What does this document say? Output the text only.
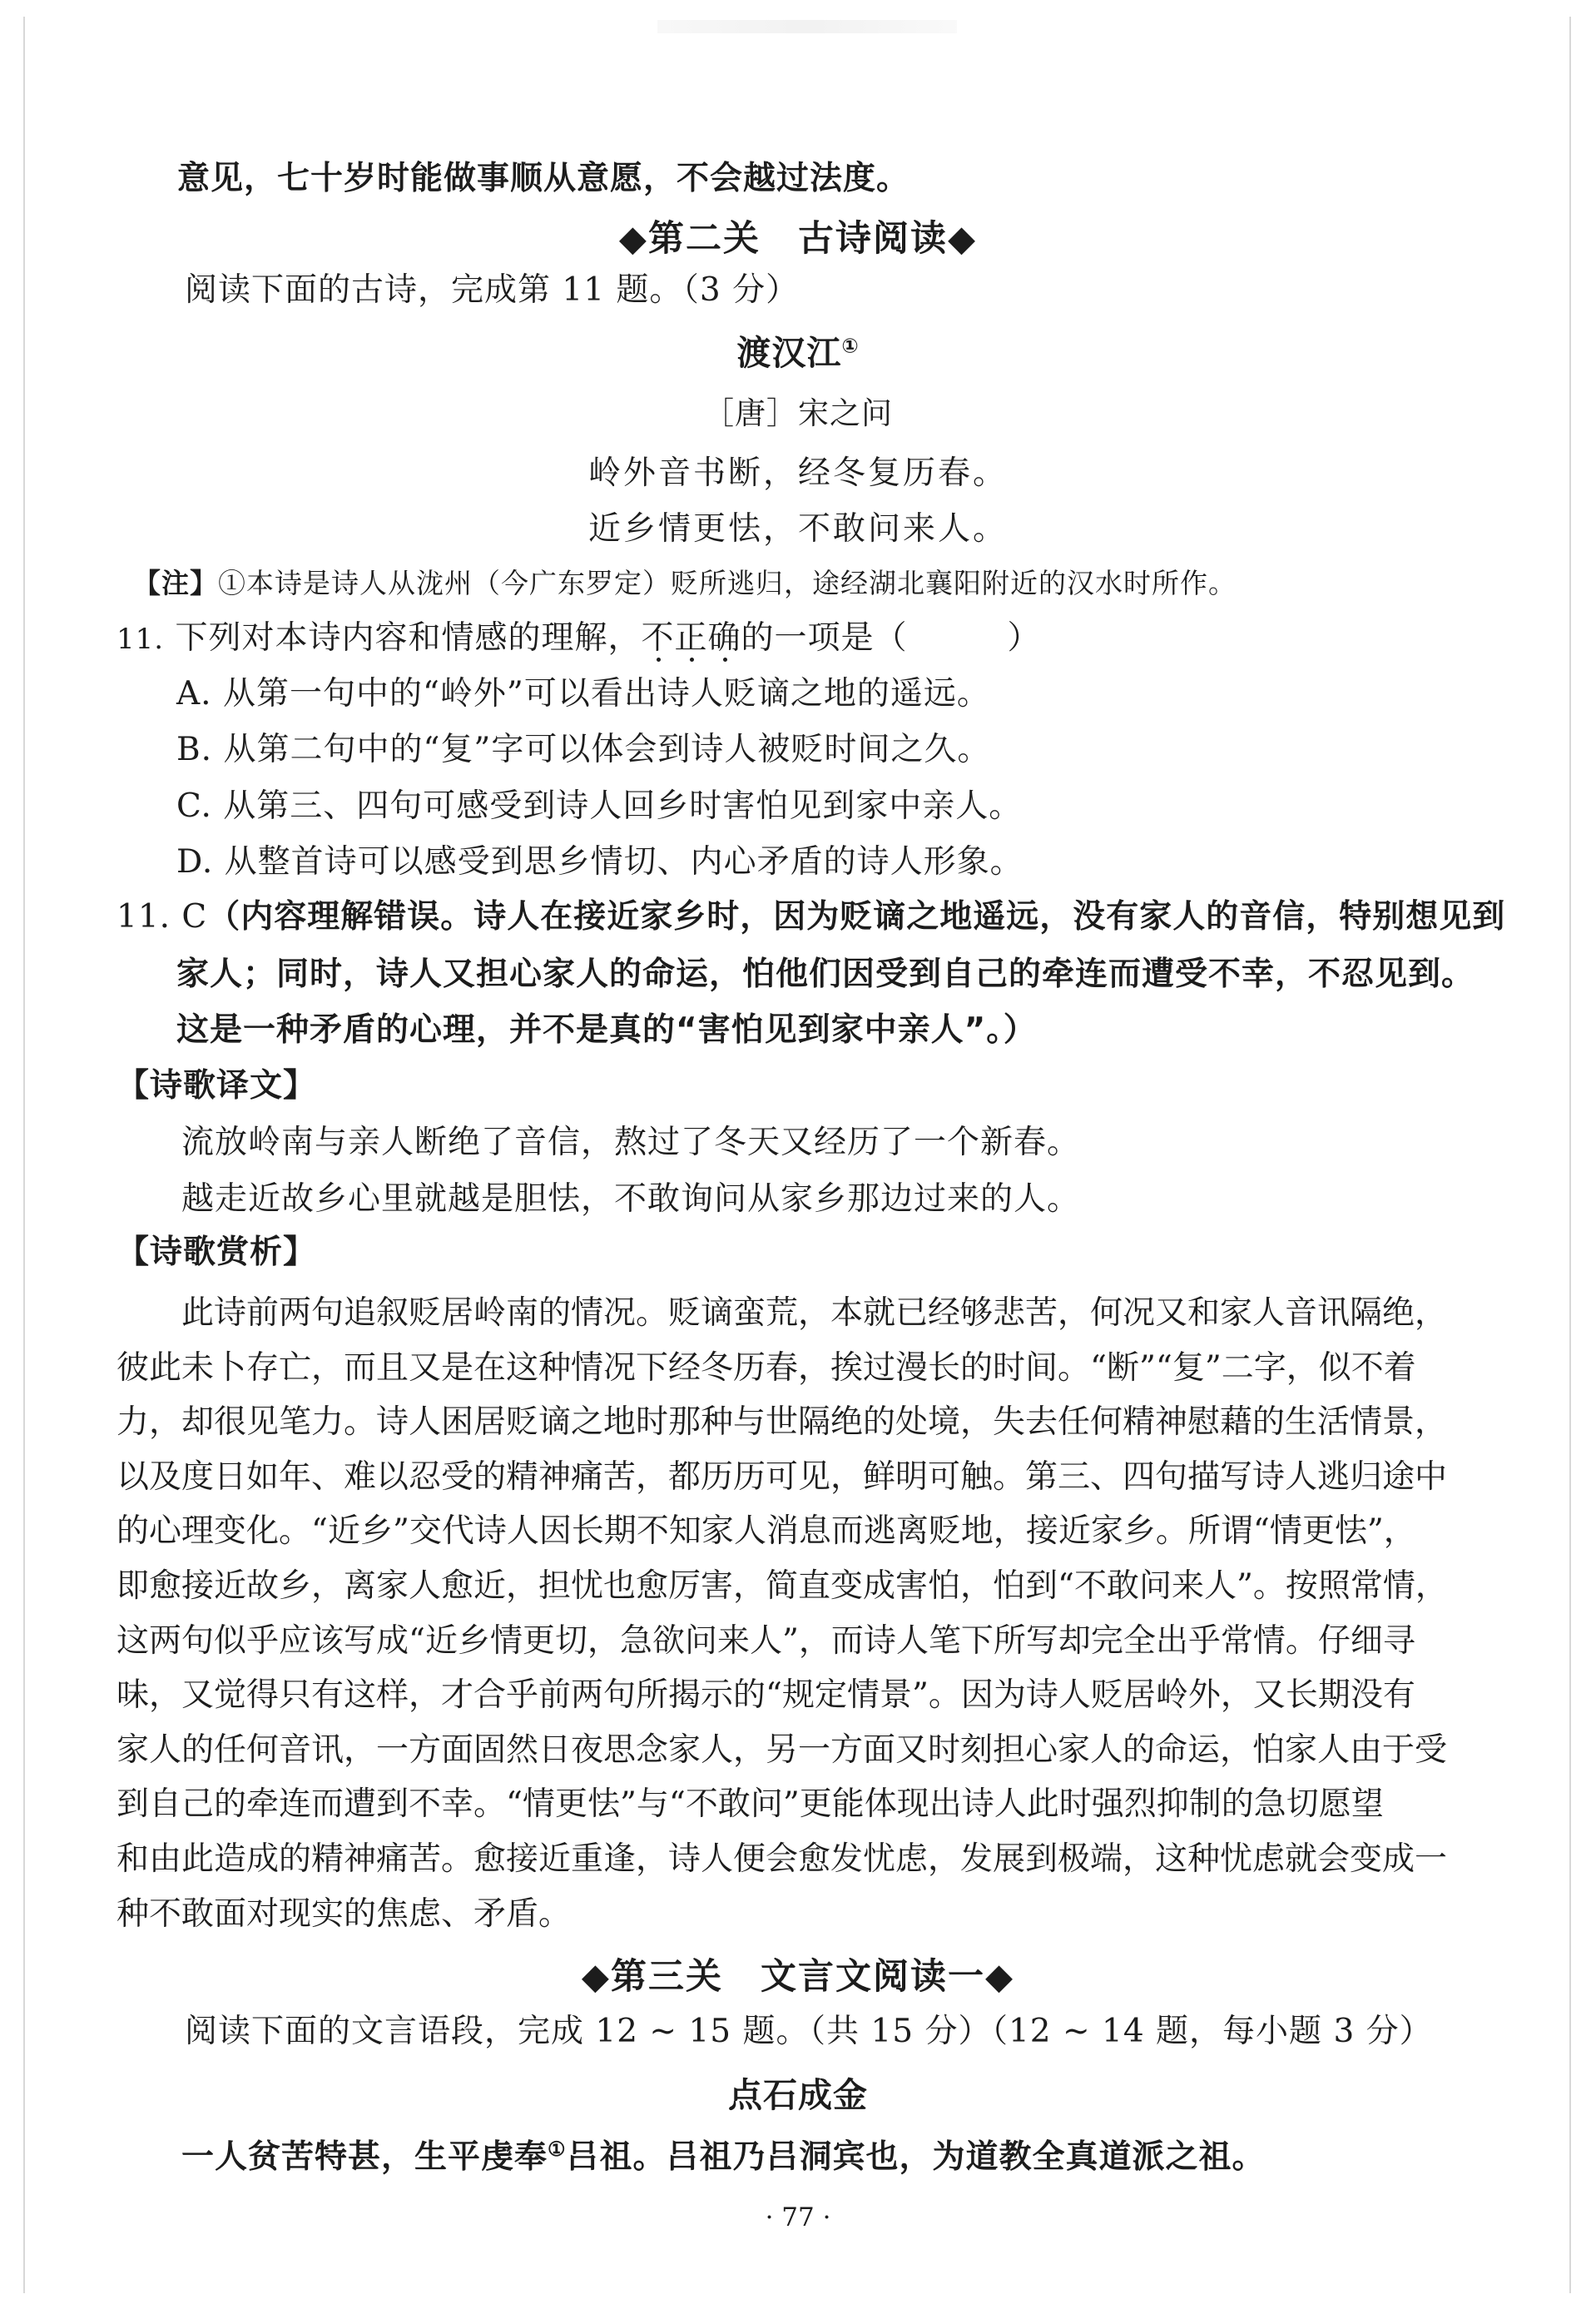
意见，七十岁时能做事顺从意愿，不会越过法度。
◆第二关　古诗阅读◆
阅读下面的古诗，完成第 11 题。（3 分）
渡汉江①
［唐］宋之问
岭外音书断，经冬复历春。
近乡情更怯，不敢问来人。
【注】①本诗是诗人从泷州（今广东罗定）贬所逃归，途经湖北襄阳附近的汉水时所作。
11. 下列对本诗内容和情感的理解，不正确的一项是（　　　）
A. 从第一句中的“岭外”可以看出诗人贬谪之地的遥远。
B. 从第二句中的“复”字可以体会到诗人被贬时间之久。
C. 从第三、四句可感受到诗人回乡时害怕见到家中亲人。
D. 从整首诗可以感受到思乡情切、内心矛盾的诗人形象。
11. C（内容理解错误。诗人在接近家乡时，因为贬谪之地遥远，没有家人的音信，特别想见到
家人；同时，诗人又担心家人的命运，怕他们因受到自己的牵连而遭受不幸，不忍见到。
这是一种矛盾的心理，并不是真的“害怕见到家中亲人”。）
【诗歌译文】
流放岭南与亲人断绝了音信，熬过了冬天又经历了一个新春。
越走近故乡心里就越是胆怯，不敢询问从家乡那边过来的人。
【诗歌赏析】

　　此诗前两句追叙贬居岭南的情况。贬谪蛮荒，本就已经够悲苦，何况又和家人音讯隔绝，

彼此未卜存亡，而且又是在这种情况下经冬历春，挨过漫长的时间。“断”“复”二字，似不着

力，却很见笔力。诗人困居贬谪之地时那种与世隔绝的处境，失去任何精神慰藉的生活情景，

以及度日如年、难以忍受的精神痛苦，都历历可见，鲜明可触。第三、四句描写诗人逃归途中

的心理变化。“近乡”交代诗人因长期不知家人消息而逃离贬地，接近家乡。所谓“情更怯”，

即愈接近故乡，离家人愈近，担忧也愈厉害，简直变成害怕，怕到“不敢问来人”。按照常情，

这两句似乎应该写成“近乡情更切，急欲问来人”，而诗人笔下所写却完全出乎常情。仔细寻

味，又觉得只有这样，才合乎前两句所揭示的“规定情景”。因为诗人贬居岭外，又长期没有

家人的任何音讯，一方面固然日夜思念家人，另一方面又时刻担心家人的命运，怕家人由于受

到自己的牵连而遭到不幸。“情更怯”与“不敢问”更能体现出诗人此时强烈抑制的急切愿望

和由此造成的精神痛苦。愈接近重逢，诗人便会愈发忧虑，发展到极端，这种忧虑就会变成一

种不敢面对现实的焦虑、矛盾。

◆第三关　文言文阅读一◆
阅读下面的文言语段，完成 12 ~ 15 题。（共 15 分）（12 ~ 14 题，每小题 3 分）
点石成金
一人贫苦特甚，生平虔奉①吕祖。吕祖乃吕洞宾也，为道教全真道派之祖。
· 77 ·
